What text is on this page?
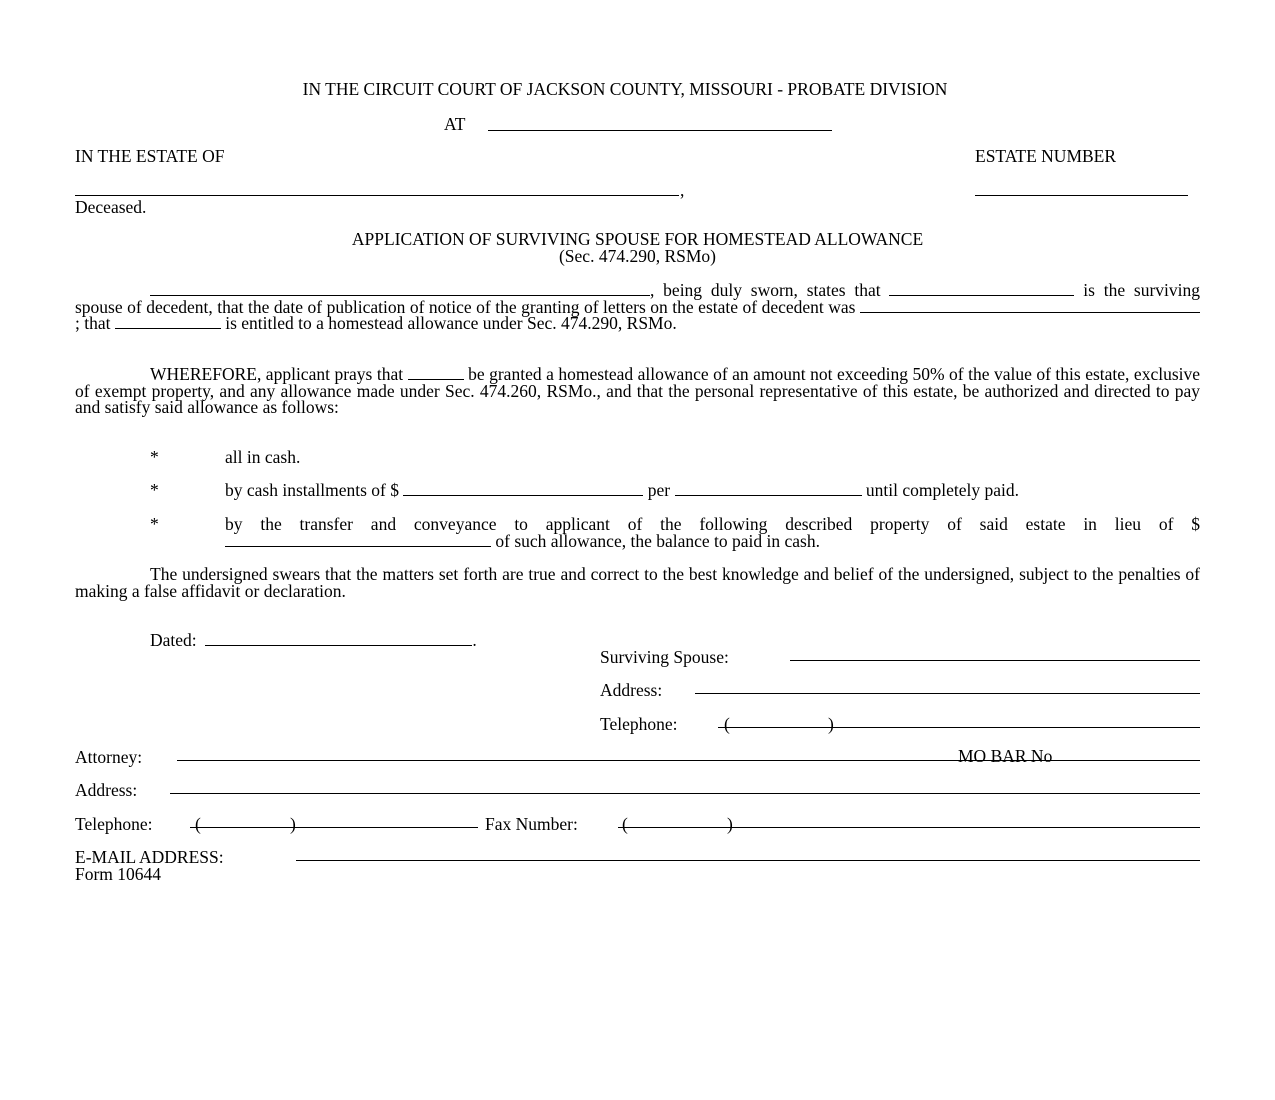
IN THE CIRCUIT COURT OF JACKSON COUNTY, MISSOURI - PROBATE DIVISION
AT
IN THE ESTATE OF	ESTATE NUMBER
,
Deceased.
APPLICATION OF SURVIVING SPOUSE FOR HOMESTEAD ALLOWANCE
(Sec. 474.290, RSMo)
, being duly sworn, states that	is the surviving spouse of decedent, that the date of publication of notice of the granting of letters on the estate of decedent was ; that	is entitled to a homestead allowance under Sec. 474.290, RSMo.
WHEREFORE, applicant prays that	be granted a homestead allowance of an amount not exceeding 50% of the value of this estate, exclusive of exempt property, and any allowance made under Sec. 474.260, RSMo., and that the personal representative of this estate, be authorized and directed to pay and satisfy said allowance as follows:
*	all in cash.
*	by cash installments of $	per	until completely paid.
*	by the transfer and conveyance to applicant of the following described property of said estate in lieu of $  of such allowance, the balance to paid in cash.
The undersigned swears that the matters set forth are true and correct to the best knowledge and belief of the undersigned, subject to the penalties of making a false affidavit or declaration.
Dated:	.
Surviving Spouse:
Address:
Telephone:	(	)
Attorney:	MO BAR No
Address:
Telephone: (	)	Fax Number:	(	)
E-MAIL ADDRESS:
Form 10644
